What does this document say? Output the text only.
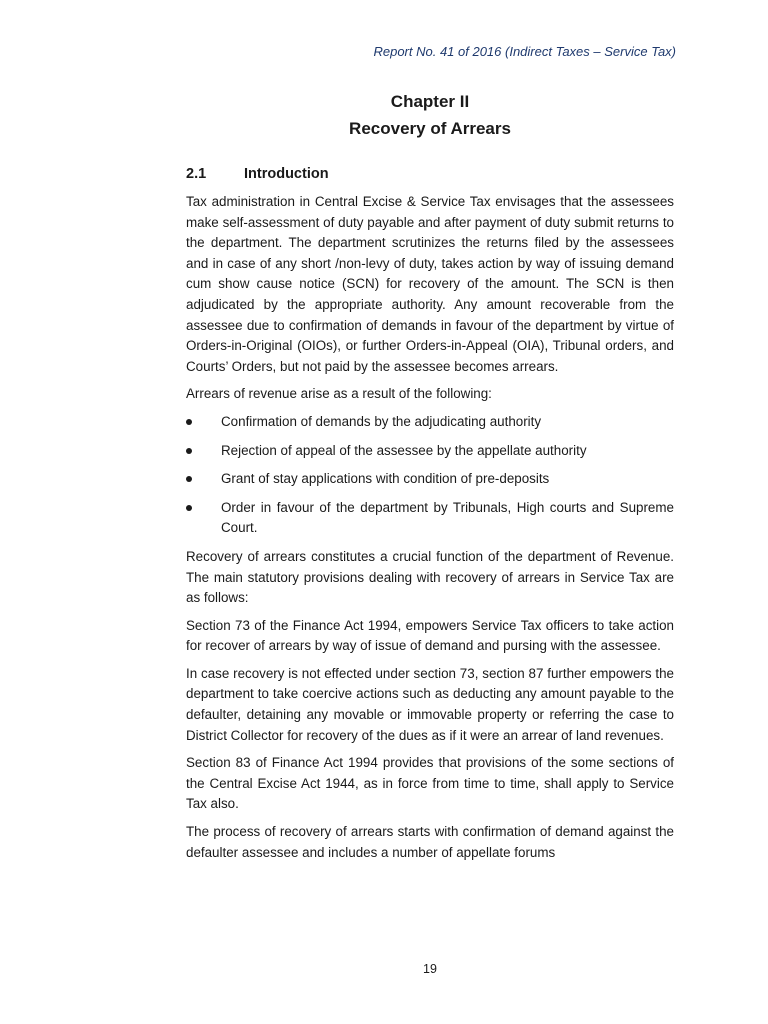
Report No. 41 of 2016 (Indirect Taxes – Service Tax)
Chapter II
Recovery of Arrears
2.1	Introduction

Tax administration in Central Excise & Service Tax envisages that the assessees make self-assessment of duty payable and after payment of duty submit returns to the department. The department scrutinizes the returns filed by the assessees and in case of any short /non-levy of duty, takes action by way of issuing demand cum show cause notice (SCN) for recovery of the amount. The SCN is then adjudicated by the appropriate authority. Any amount recoverable from the assessee due to confirmation of demands in favour of the department by virtue of Orders-in-Original (OIOs), or further Orders-in-Appeal (OIA), Tribunal orders, and Courts’ Orders, but not paid by the assessee becomes arrears.

Arrears of revenue arise as a result of the following:

Confirmation of demands by the adjudicating authority
Rejection of appeal of the assessee by the appellate authority
Grant of stay applications with condition of pre-deposits
Order in favour of the department by Tribunals, High courts and Supreme Court.

Recovery of arrears constitutes a crucial function of the department of Revenue. The main statutory provisions dealing with recovery of arrears in Service Tax are as follows:

Section 73 of the Finance Act 1994, empowers Service Tax officers to take action for recover of arrears by way of issue of demand and pursing with the assessee.

In case recovery is not effected under section 73, section 87 further empowers the department to take coercive actions such as deducting any amount payable to the defaulter, detaining any movable or immovable property or referring the case to District Collector for recovery of the dues as if it were an arrear of land revenues.

Section 83 of Finance Act 1994 provides that provisions of the some sections of the Central Excise Act 1944, as in force from time to time, shall apply to Service Tax also.

The process of recovery of arrears starts with confirmation of demand against the defaulter assessee and includes a number of appellate forums

19
